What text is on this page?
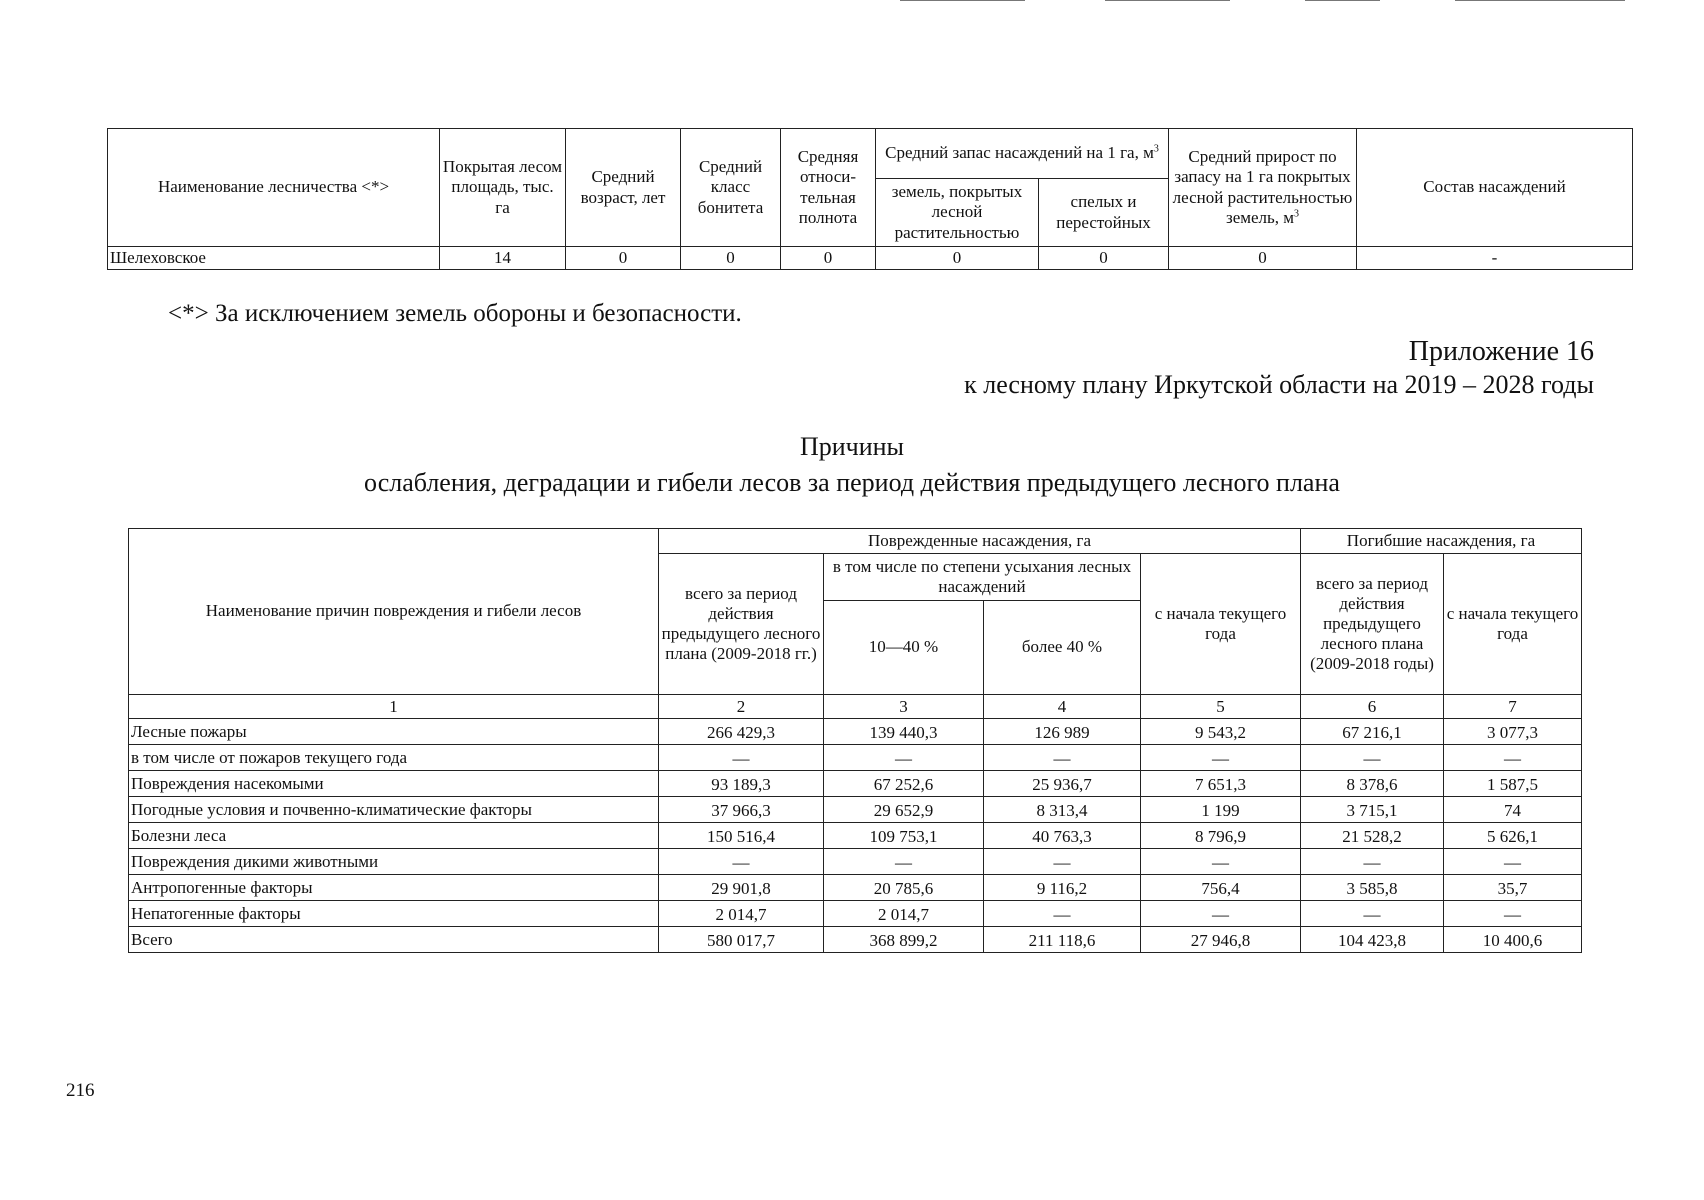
Наименование лесничества <*>	Покрытая лесом площадь, тыс. га	Средний возраст, лет	Средний класс бонитета	Средняя относи-тельная полнота	Средний запас насаждений на 1 га, $м^3$		Средний прирост по запасу на 1 га покрытых лесной растительностью земель, $м^3$	Состав насаждений
					земель, покрытых лесной растительностью	спелых и перестойных		
Шелеховское	14	0	0	0	0	0	0	-
<*> За исключением земель обороны и безопасности.
Приложение 16
к лесному плану Иркутской области на 2019 – 2028 годы
Причины
ослабления, деградации и гибели лесов за период действия предыдущего лесного плана
Наименование причин повреждения и гибели лесов	Поврежденные насаждения, га				Погибшие насаждения, га	
	всего за период действия предыдущего лесного плана (2009-2018 гг.)	в том числе по степени усыхания лесных насаждений		с начала текущего года	всего за период действия предыдущего лесного плана (2009-2018 годы)	с начала текущего года
		10—40 %	более 40 %			
1	2	3	4	5	6	7
Лесные пожары	266 429,3	139 440,3	126 989	9 543,2	67 216,1	3 077,3
в том числе от пожаров текущего года	—	—	—	—	—	—
Повреждения насекомыми	93 189,3	67 252,6	25 936,7	7 651,3	8 378,6	1 587,5
Погодные условия и почвенно-климатические факторы	37 966,3	29 652,9	8 313,4	1 199	3 715,1	74
Болезни леса	150 516,4	109 753,1	40 763,3	8 796,9	21 528,2	5 626,1
Повреждения дикими животными	—	—	—	—	—	—
Антропогенные факторы	29 901,8	20 785,6	9 116,2	756,4	3 585,8	35,7
Непатогенные факторы	2 014,7	2 014,7	—	—	—	—
Всего	580 017,7	368 899,2	211 118,6	27 946,8	104 423,8	10 400,6
216
